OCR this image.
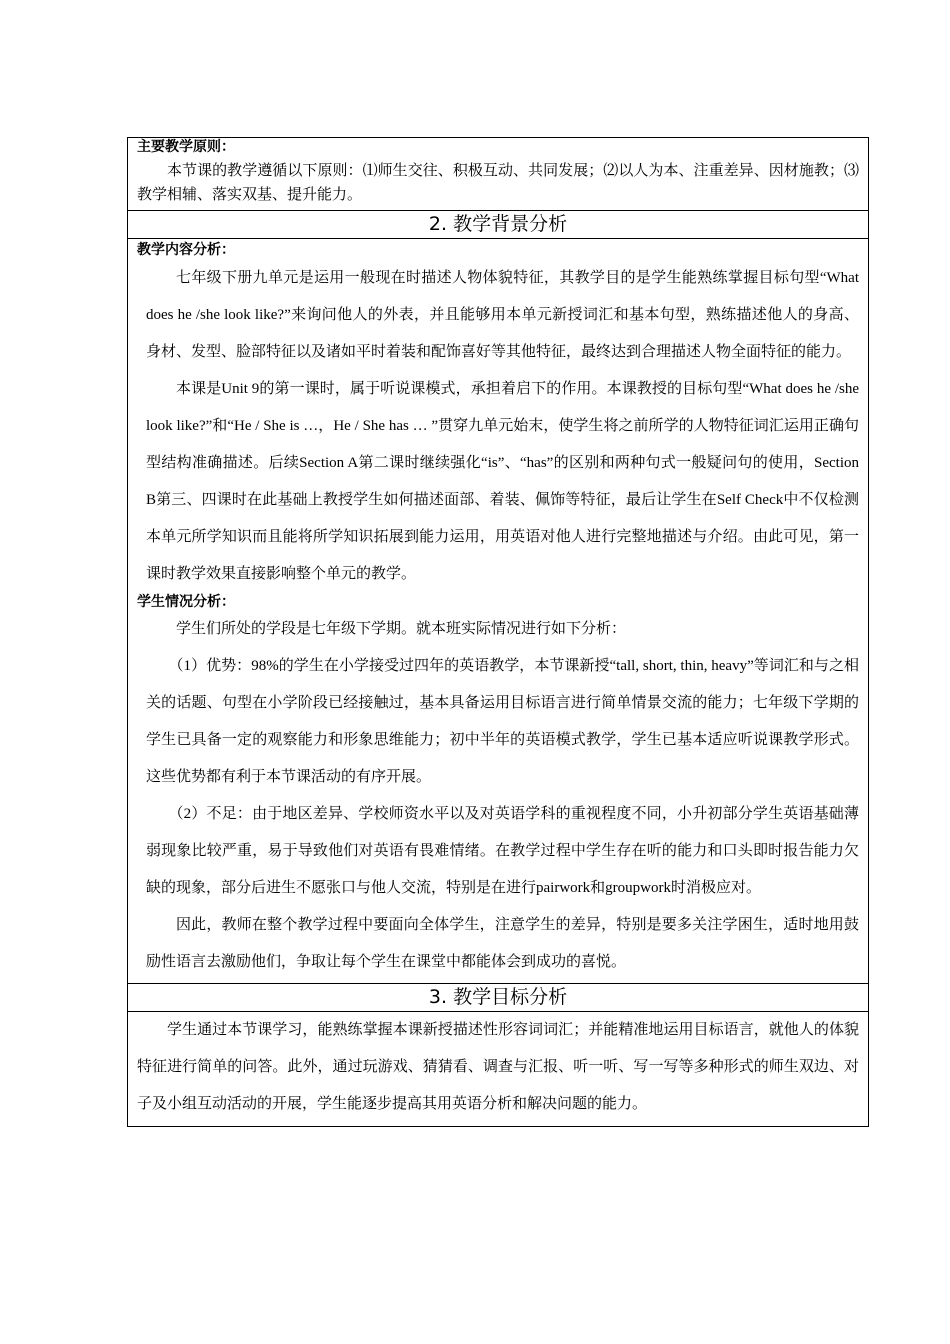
主要教学原则：

本节课的教学遵循以下原则：⑴师生交往、积极互动、共同发展；⑵以人为本、注重差异、因材施教；⑶教学相辅、落实双基、提升能力。

2. 教学背景分析
教学内容分析：

七年级下册九单元是运用一般现在时描述人物体貌特征，其教学目的是学生能熟练掌握目标句型“What does he /she look like?”来询问他人的外表，并且能够用本单元新授词汇和基本句型，熟练描述他人的身高、身材、发型、脸部特征以及诸如平时着装和配饰喜好等其他特征，最终达到合理描述人物全面特征的能力。

本课是Unit 9的第一课时，属于听说课模式，承担着启下的作用。本课教授的目标句型“What does he /she look like?”和“He / She is …，He / She has … ”贯穿九单元始末，使学生将之前所学的人物特征词汇运用正确句型结构准确描述。后续Section A第二课时继续强化“is”、“has”的区别和两种句式一般疑问句的使用，Section B第三、四课时在此基础上教授学生如何描述面部、着装、佩饰等特征，最后让学生在Self Check中不仅检测本单元所学知识而且能将所学知识拓展到能力运用，用英语对他人进行完整地描述与介绍。由此可见，第一课时教学效果直接影响整个单元的教学。

学生情况分析：

学生们所处的学段是七年级下学期。就本班实际情况进行如下分析：

（1）优势：98%的学生在小学接受过四年的英语教学，本节课新授“tall, short, thin, heavy”等词汇和与之相关的话题、句型在小学阶段已经接触过，基本具备运用目标语言进行简单情景交流的能力；七年级下学期的学生已具备一定的观察能力和形象思维能力；初中半年的英语模式教学，学生已基本适应听说课教学形式。这些优势都有利于本节课活动的有序开展。

（2）不足：由于地区差异、学校师资水平以及对英语学科的重视程度不同，小升初部分学生英语基础薄弱现象比较严重，易于导致他们对英语有畏难情绪。在教学过程中学生存在听的能力和口头即时报告能力欠缺的现象，部分后进生不愿张口与他人交流，特别是在进行pairwork和groupwork时消极应对。

因此，教师在整个教学过程中要面向全体学生，注意学生的差异，特别是要多关注学困生，适时地用鼓励性语言去激励他们，争取让每个学生在课堂中都能体会到成功的喜悦。

3. 教学目标分析

学生通过本节课学习，能熟练掌握本课新授描述性形容词词汇；并能精准地运用目标语言，就他人的体貌特征进行简单的问答。此外，通过玩游戏、猜猜看、调查与汇报、听一听、写一写等多种形式的师生双边、对子及小组互动活动的开展，学生能逐步提高其用英语分析和解决问题的能力。
